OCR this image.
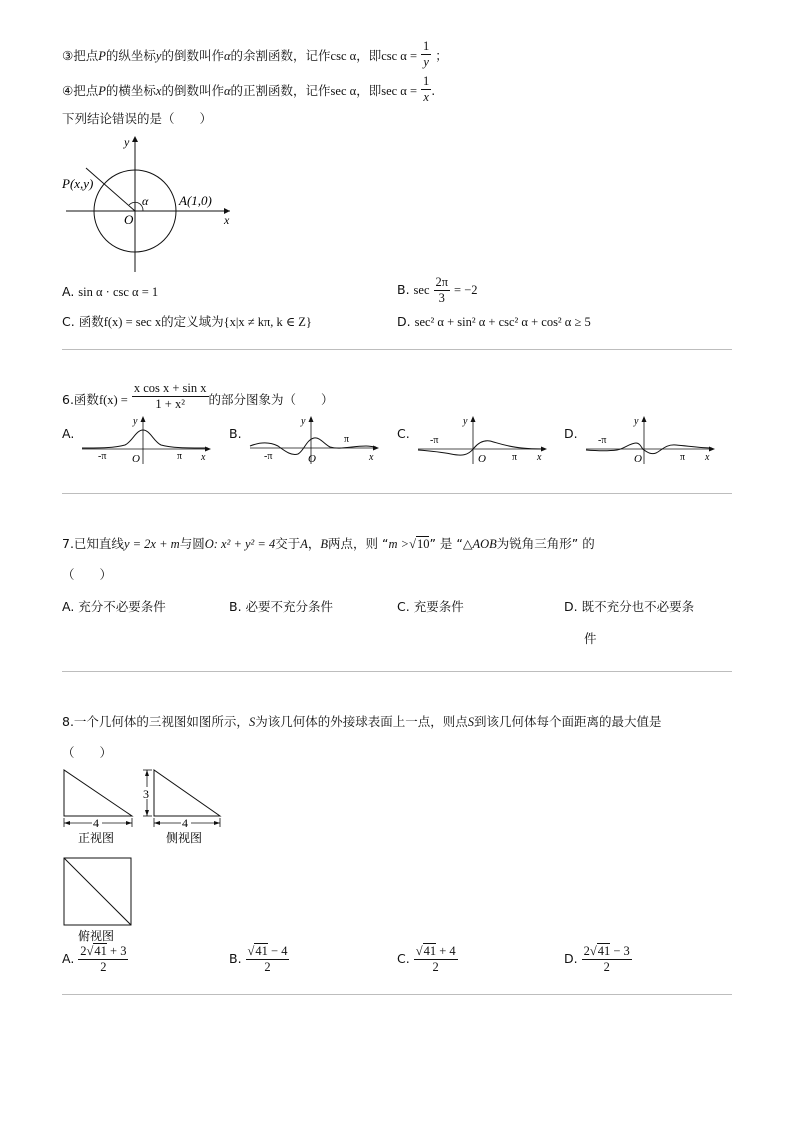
③把点P的纵坐标y的倒数叫作α的余割函数，记作csc α，即$\csc \alpha = \frac{1}{y}$ ；
④把点P的横坐标x的倒数叫作α的正割函数，记作sec α，即$\sec \alpha = \frac{1}{x}$ .
下列结论错误的是（　　）
P(x,y)
y
α A(1,0)
O	x
A. sin α · csc α = 1	B. $\sec \frac{2\pi}{3} = -2$
C. 函数f(x) = sec x的定义域为{x|x ≠ kπ, k ∈ Z}	D. sec² α + sin² α + csc² α + cos² α ≥ 5
6.函数$f(x) = \frac{\text{x cos x + sin x}}{\text{1 + x²}}$ 的部分图象为（　　）
A.	B.	C.	D.
-π	π
O
y
x	-π
π
O
y
x
-π
π
O
y
x
-π
π
O
y
x
7.已知直线y = 2x + m与圆O: x² + y² = 4交于A，B两点，则 “m >√10” 是 “△AOB为锐角三角形” 的
（　　）
A. 充分不必要条件	B. 必要不充分条件	C. 充要条件	D. 既不充分也不必要条
件
8.一个几何体的三视图如图所示，S为该几何体的外接球表面上一点，则点S到该几何体每个面距离的最大值是
（　　）
4
正视图
3
4
侧视图
俯视图
A. $\frac{2√41 + 3}{2}$	B. $\frac{√41 - 4}{2}$	C. $\frac{√41 + 4}{2}$	D. $\frac{2√41 - 3}{2}$
